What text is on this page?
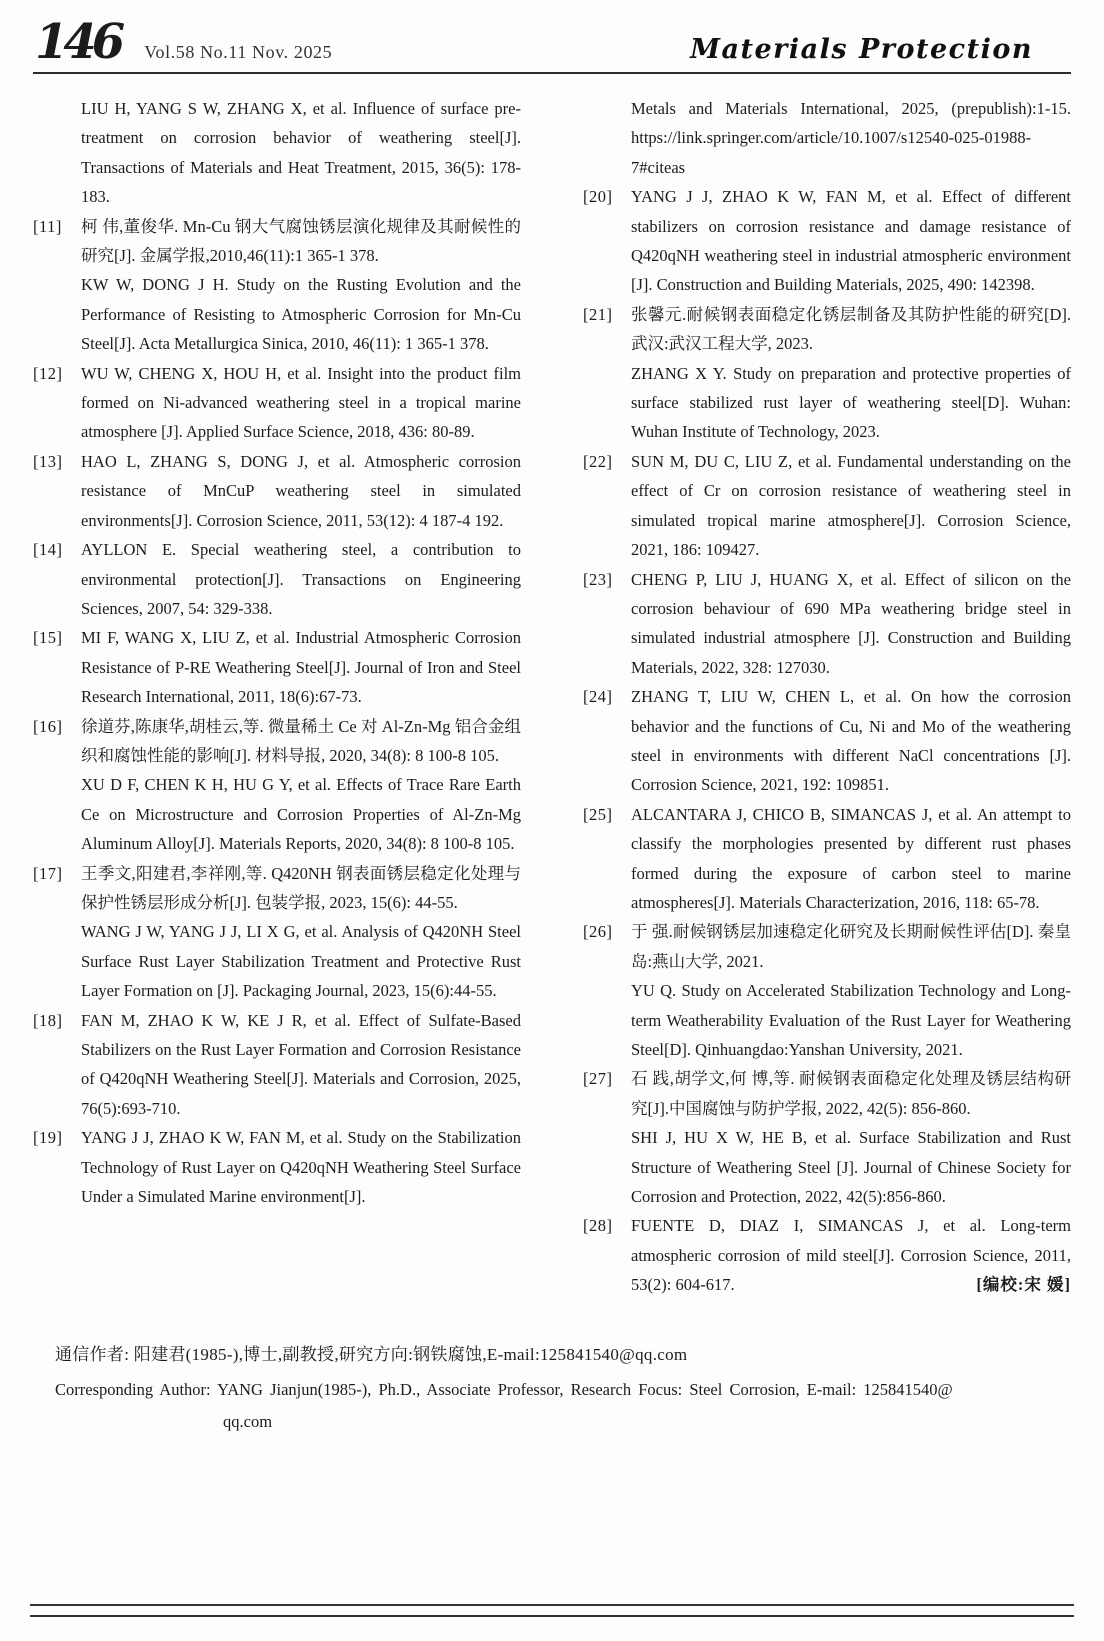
146	Vol.58 No.11 Nov. 2025	Materials Protection

LIU H, YANG S W, ZHANG X, et al. Influence of surface pre-treatment on corrosion behavior of weathering steel[J]. Transactions of Materials and Heat Treatment, 2015, 36(5): 178-183.

[11]	柯 伟,董俊华. Mn-Cu 钢大气腐蚀锈层演化规律及其耐候性的研究[J]. 金属学报,2010,46(11):1 365-1 378.

KW W, DONG J H. Study on the Rusting Evolution and the Performance of Resisting to Atmospheric Corrosion for Mn-Cu Steel[J]. Acta Metallurgica Sinica, 2010, 46(11): 1 365-1 378.

[12]	WU W, CHENG X, HOU H, et al. Insight into the product film formed on Ni-advanced weathering steel in a tropical marine atmosphere [J]. Applied Surface Science, 2018, 436: 80-89.

[13]	HAO L, ZHANG S, DONG J, et al. Atmospheric corrosion resistance of MnCuP weathering steel in simulated environments[J]. Corrosion Science, 2011, 53(12): 4 187-4 192.

[14]	AYLLON E. Special weathering steel, a contribution to environmental protection[J]. Transactions on Engineering Sciences, 2007, 54: 329-338.

[15]	MI F, WANG X, LIU Z, et al. Industrial Atmospheric Corrosion Resistance of P-RE Weathering Steel[J]. Journal of Iron and Steel Research International, 2011, 18(6):67-73.

[16]	徐道芬,陈康华,胡桂云,等. 微量稀土 Ce 对 Al-Zn-Mg 铝合金组织和腐蚀性能的影响[J]. 材料导报, 2020, 34(8): 8 100-8 105.

XU D F, CHEN K H, HU G Y, et al. Effects of Trace Rare Earth Ce on Microstructure and Corrosion Properties of Al-Zn-Mg Aluminum Alloy[J]. Materials Reports, 2020, 34(8): 8 100-8 105.

[17]	王季文,阳建君,李祥刚,等. Q420NH 钢表面锈层稳定化处理与保护性锈层形成分析[J]. 包装学报, 2023, 15(6): 44-55.

WANG J W, YANG J J, LI X G, et al. Analysis of Q420NH Steel Surface Rust Layer Stabilization Treatment and Protective Rust Layer Formation on [J]. Packaging Journal, 2023, 15(6):44-55.

[18]	FAN M, ZHAO K W, KE J R, et al. Effect of Sulfate-Based Stabilizers on the Rust Layer Formation and Corrosion Resistance of Q420qNH Weathering Steel[J]. Materials and Corrosion, 2025, 76(5):693-710.

[19]	YANG J J, ZHAO K W, FAN M, et al. Study on the Stabilization Technology of Rust Layer on Q420qNH Weathering Steel Surface Under a Simulated Marine environment[J].

Metals and Materials International, 2025, (prepublish):1-15. https://link.springer.com/article/10.1007/s12540-025-01988-7#citeas

[20]	YANG J J, ZHAO K W, FAN M, et al. Effect of different stabilizers on corrosion resistance and damage resistance of Q420qNH weathering steel in industrial atmospheric environment [J]. Construction and Building Materials, 2025, 490: 142398.

[21]	张馨元.耐候钢表面稳定化锈层制备及其防护性能的研究[D]. 武汉:武汉工程大学, 2023.

ZHANG X Y. Study on preparation and protective properties of surface stabilized rust layer of weathering steel[D]. Wuhan: Wuhan Institute of Technology, 2023.

[22]	SUN M, DU C, LIU Z, et al. Fundamental understanding on the effect of Cr on corrosion resistance of weathering steel in simulated tropical marine atmosphere[J]. Corrosion Science, 2021, 186: 109427.

[23]	CHENG P, LIU J, HUANG X, et al. Effect of silicon on the corrosion behaviour of 690 MPa weathering bridge steel in simulated industrial atmosphere [J]. Construction and Building Materials, 2022, 328: 127030.

[24]	ZHANG T, LIU W, CHEN L, et al. On how the corrosion behavior and the functions of Cu, Ni and Mo of the weathering steel in environments with different NaCl concentrations [J]. Corrosion Science, 2021, 192: 109851.

[25]	ALCANTARA J, CHICO B, SIMANCAS J, et al. An attempt to classify the morphologies presented by different rust phases formed during the exposure of carbon steel to marine atmospheres[J]. Materials Characterization, 2016, 118: 65-78.

[26]	于 强.耐候钢锈层加速稳定化研究及长期耐候性评估[D]. 秦皇岛:燕山大学, 2021.

YU Q. Study on Accelerated Stabilization Technology and Long-term Weatherability Evaluation of the Rust Layer for Weathering Steel[D]. Qinhuangdao:Yanshan University, 2021.

[27]	石 践,胡学文,何 博,等. 耐候钢表面稳定化处理及锈层结构研究[J].中国腐蚀与防护学报, 2022, 42(5): 856-860.

SHI J, HU X W, HE B, et al. Surface Stabilization and Rust Structure of Weathering Steel [J]. Journal of Chinese Society for Corrosion and Protection, 2022, 42(5):856-860.

[28]	FUENTE D, DIAZ I, SIMANCAS J, et al. Long-term atmospheric corrosion of mild steel[J]. Corrosion Science, 2011, 53(2): 604-617.	[编校:宋 媛]

通信作者: 阳建君(1985-),博士,副教授,研究方向:钢铁腐蚀,E-mail:125841540@qq.com

Corresponding Author: YANG Jianjun(1985-), Ph.D., Associate Professor, Research Focus: Steel Corrosion, E-mail: 125841540@

qq.com
